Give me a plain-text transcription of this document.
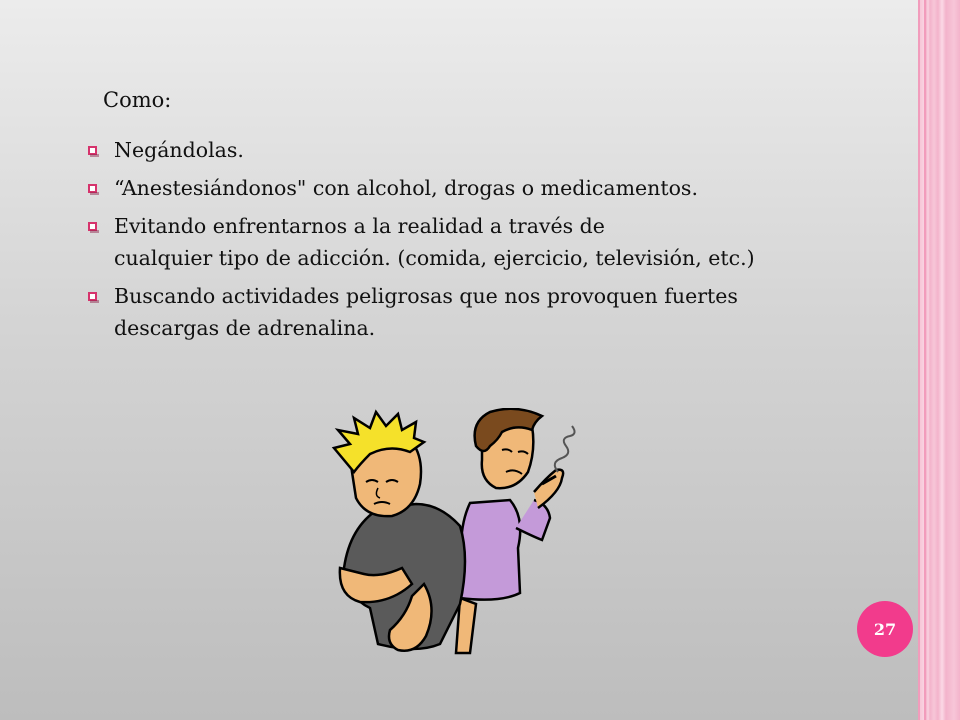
Como:
Negándolas.
“Anestesiándonos" con alcohol, drogas o medicamentos.
Evitando enfrentarnos a la realidad a través de
cualquier tipo de adicción. (comida, ejercicio, televisión, etc.)
Buscando actividades peligrosas que nos provoquen fuertes
descargas de adrenalina.
27
